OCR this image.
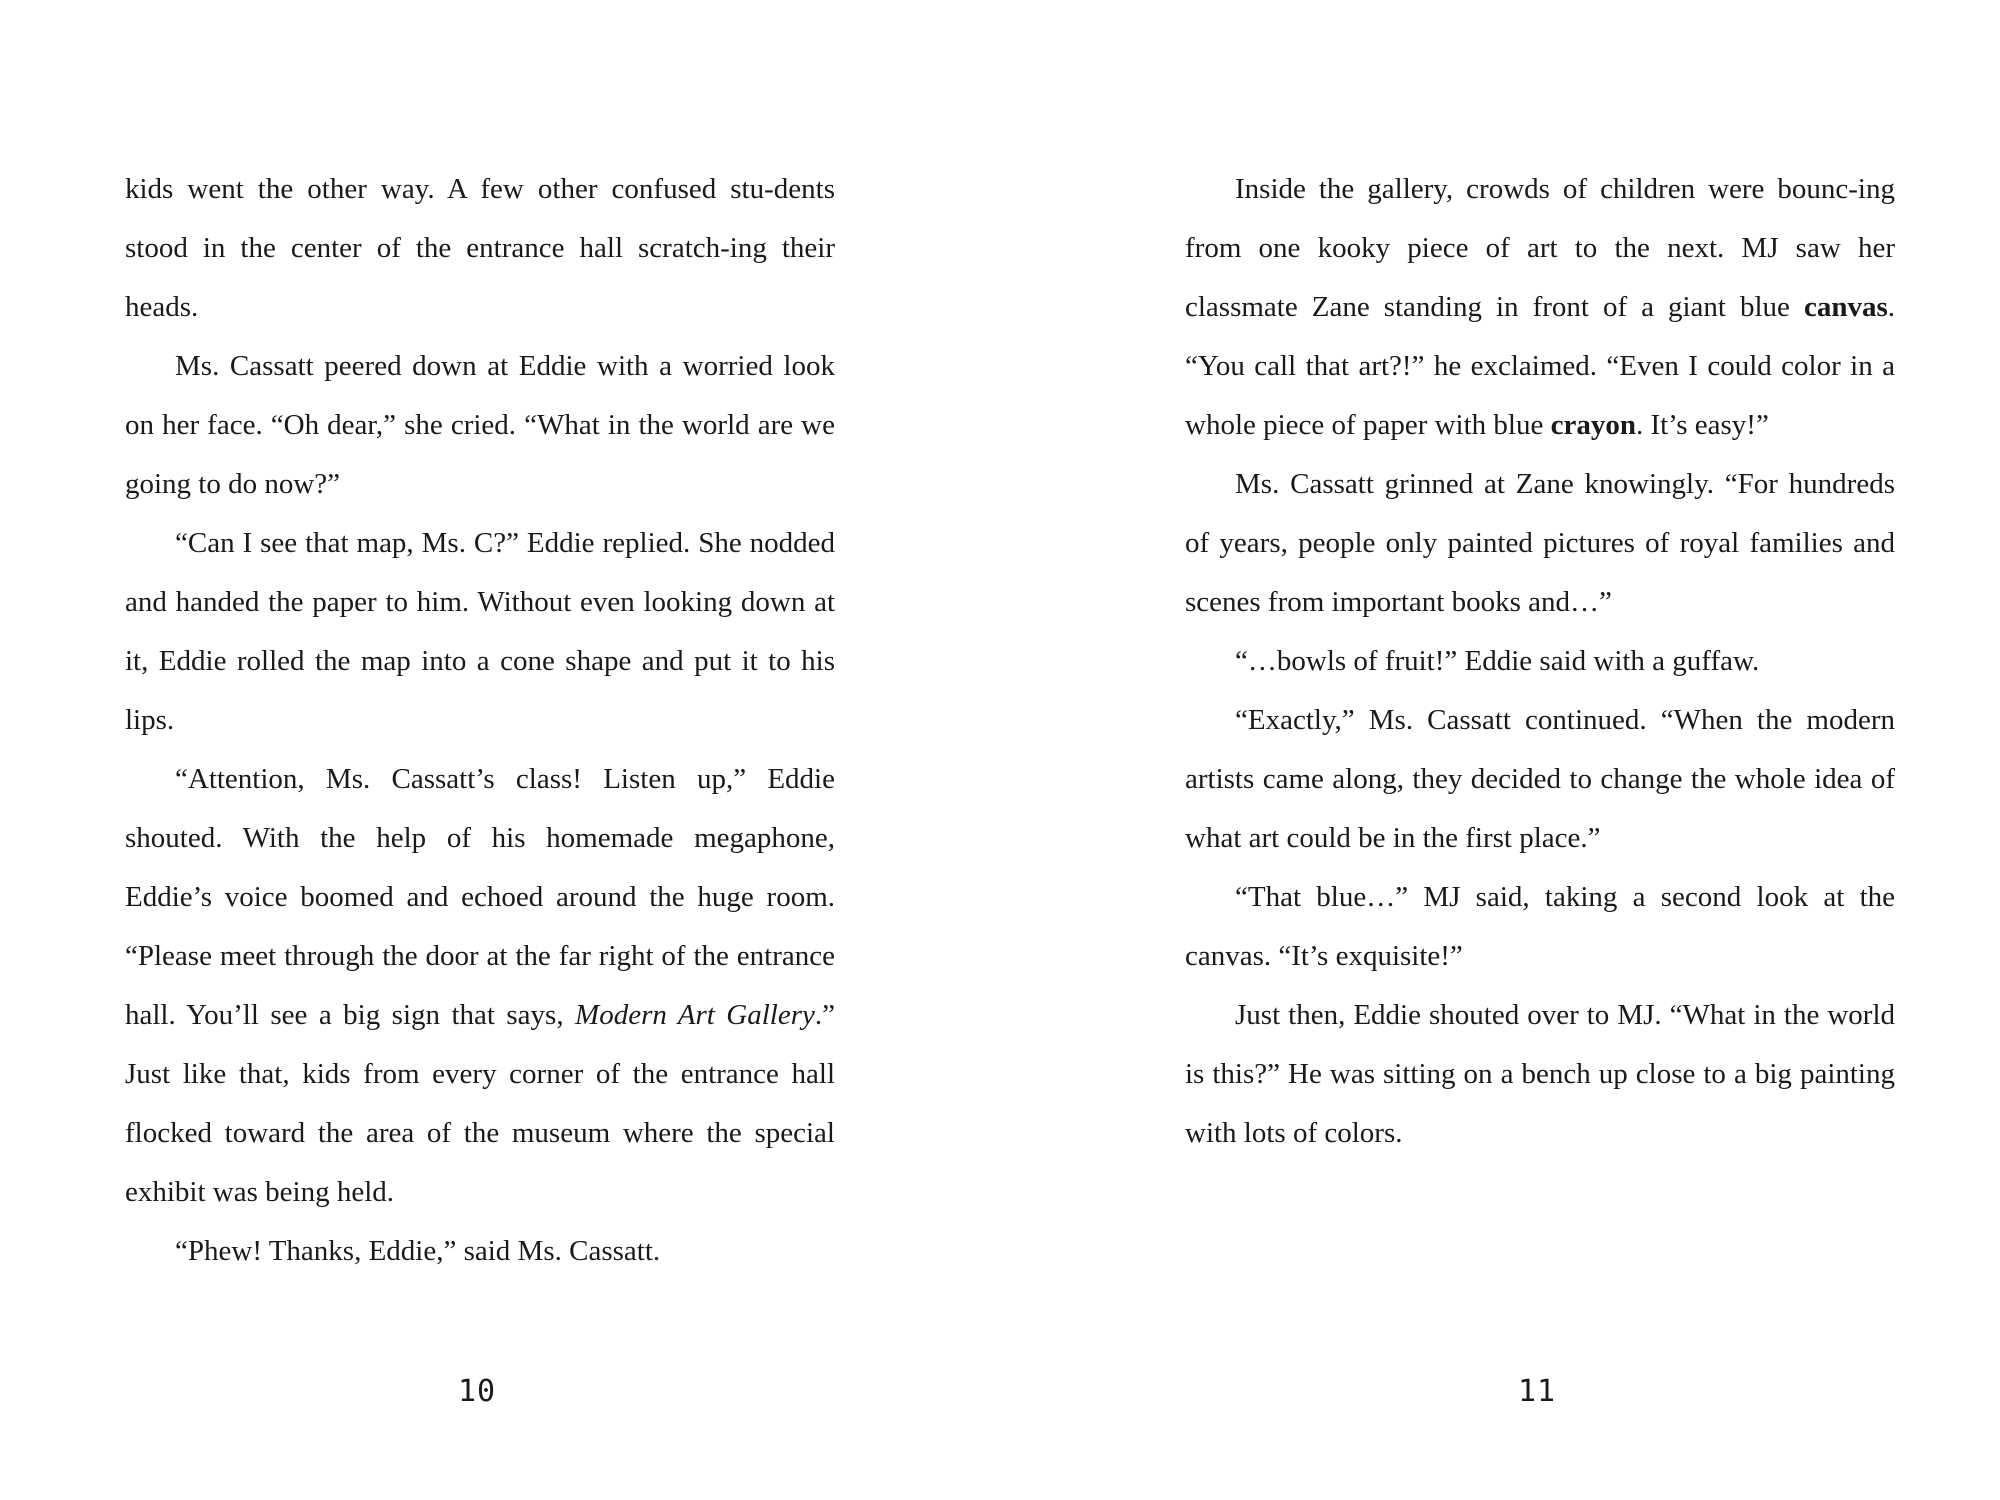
kids went the other way. A few other confused stu-dents stood in the center of the entrance hall scratch-ing their heads.

Ms. Cassatt peered down at Eddie with a worried look on her face. “Oh dear,” she cried. “What in the world are we going to do now?”

“Can I see that map, Ms. C?” Eddie replied. She nodded and handed the paper to him. Without even looking down at it, Eddie rolled the map into a cone shape and put it to his lips.

“Attention, Ms. Cassatt’s class! Listen up,” Eddie shouted. With the help of his homemade megaphone, Eddie’s voice boomed and echoed around the huge room. “Please meet through the door at the far right of the entrance hall. You’ll see a big sign that says, Modern Art Gallery.” Just like that, kids from every corner of the entrance hall flocked toward the area of the museum where the special exhibit was being held.

“Phew! Thanks, Eddie,” said Ms. Cassatt.

10

Inside the gallery, crowds of children were bounc-ing from one kooky piece of art to the next. MJ saw her classmate Zane standing in front of a giant blue canvas. “You call that art?!” he exclaimed. “Even I could color in a whole piece of paper with blue crayon. It’s easy!”

Ms. Cassatt grinned at Zane knowingly. “For hundreds of years, people only painted pictures of royal families and scenes from important books and…”

“…bowls of fruit!” Eddie said with a guffaw.

“Exactly,” Ms. Cassatt continued. “When the modern artists came along, they decided to change the whole idea of what art could be in the first place.”

“That blue…” MJ said, taking a second look at the canvas. “It’s exquisite!”

Just then, Eddie shouted over to MJ. “What in the world is this?” He was sitting on a bench up close to a big painting with lots of colors.

11
